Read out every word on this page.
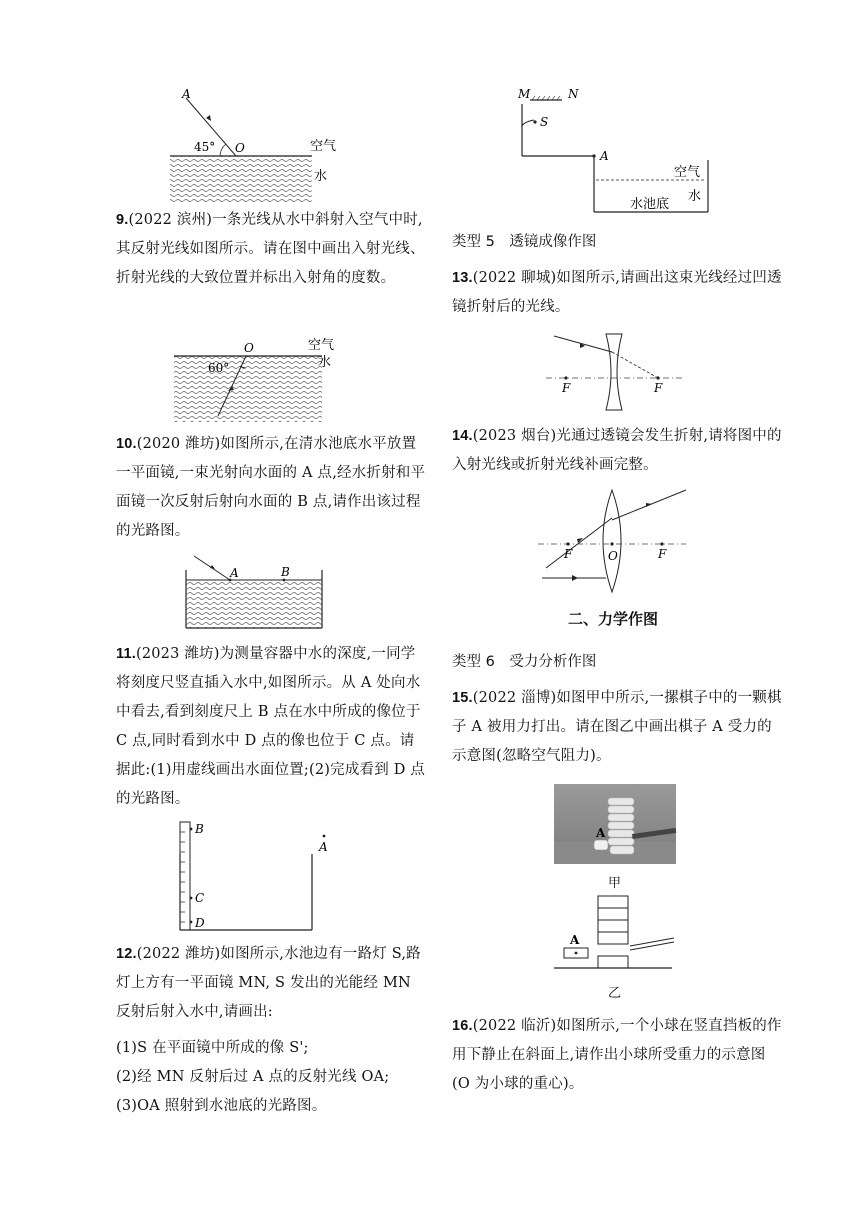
A
O
45°	空气
水

9.(2022 滨州)一条光线从水中斜射入空气中时,其反射光线如图所示。请在图中画出入射光线、折射光线的大致位置并标出入射角的度数。

O
60°
空气
水

10.(2020 潍坊)如图所示,在清水池底水平放置一平面镜,一束光射向水面的 A 点,经水折射和平面镜一次反射后射向水面的 B 点,请作出该过程的光路图。

A	B

11.(2023 潍坊)为测量容器中水的深度,一同学将刻度尺竖直插入水中,如图所示。从 A 处向水中看去,看到刻度尺上 B 点在水中所成的像位于 C 点,同时看到水中 D 点的像也位于 C 点。请据此:(1)用虚线画出水面位置;(2)完成看到 D 点的光路图。

B
C
D
A

12.(2022 潍坊)如图所示,水池边有一路灯 S,路灯上方有一平面镜 MN, S 发出的光能经 MN 反射后射入水中,请画出:

(1)S 在平面镜中所成的像 S';

(2)经 MN 反射后过 A 点的反射光线 OA;

(3)OA 照射到水池底的光路图。

M	N
S
A
空气
水
水池底
类型 5　透镜成像作图

13.(2022 聊城)如图所示,请画出这束光线经过凹透镜折射后的光线。

F	F

14.(2023 烟台)光通过透镜会发生折射,请将图中的入射光线或折射光线补画完整。

F	O	F
二、力学作图
类型 6　受力分析作图

15.(2022 淄博)如图甲中所示,一摞棋子中的一颗棋子 A 被用力打出。请在图乙中画出棋子 A 受力的示意图(忽略空气阻力)。

A
甲
A
乙

16.(2022 临沂)如图所示,一个小球在竖直挡板的作用下静止在斜面上,请作出小球所受重力的示意图(O 为小球的重心)。
